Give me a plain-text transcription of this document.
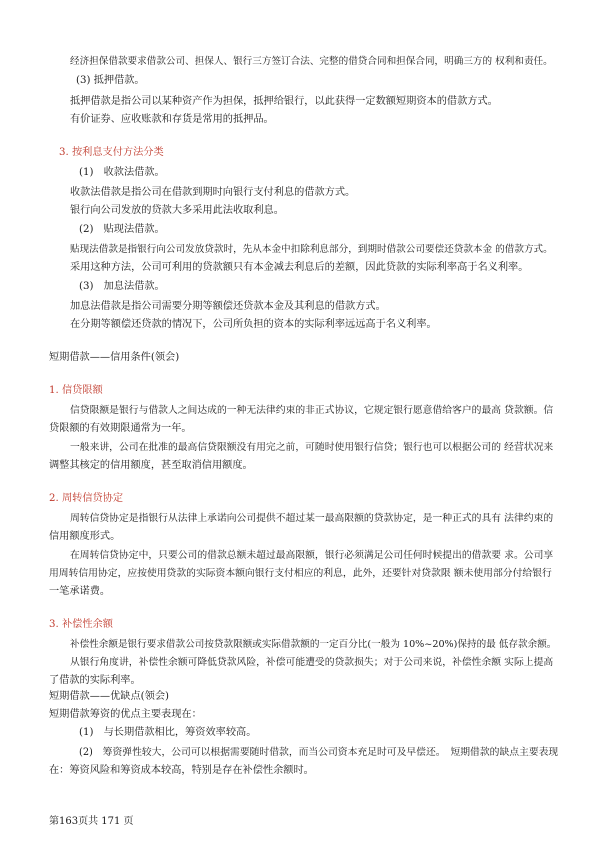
经济担保借款要求借款公司、担保人、银行三方签订合法、完整的借贷合同和担保合同，明确三方的 权利和责任。
(3) 抵押借款。
抵押借款是指公司以某种资产作为担保，抵押给银行，以此获得一定数额短期资本的借款方式。
有价证券、应收账款和存货是常用的抵押品。
3. 按利息支付方法分类
(1)　收款法借款。
收款法借款是指公司在借款到期时向银行支付利息的借款方式。
银行向公司发放的贷款大多采用此法收取利息。
(2)　贴现法借款。
贴现法借款是指银行向公司发放贷款时，先从本金中扣除利息部分，到期时借款公司要偿还贷款本金 的借款方式。
采用这种方法，公司可利用的贷款额只有本金减去利息后的差额，因此贷款的实际利率高于名义利率。
(3)　加息法借款。
加息法借款是指公司需要分期等额偿还贷款本金及其利息的借款方式。
在分期等额偿还贷款的情况下，公司所负担的资本的实际利率远远高于名义利率。
短期借款——信用条件(领会)
1. 信贷限额
信贷限额是银行与借款人之间达成的一种无法律约束的非正式协议，它规定银行愿意借给客户的最高 贷款额。信
贷限额的有效期限通常为一年。
一般来讲，公司在批准的最高信贷限额没有用完之前，可随时使用银行信贷；银行也可以根据公司的 经营状况来
调整其核定的信用额度，甚至取消信用额度。
2. 周转信贷协定
周转信贷协定是指银行从法律上承诺向公司提供不超过某一最高限额的贷款协定，是一种正式的具有 法律约束的
信用额度形式。
在周转信贷协定中，只要公司的借款总额未超过最高限额，银行必须满足公司任何时候提出的借款要 求。公司享
用周转信用协定，应按使用贷款的实际资本额向银行支付相应的利息，此外，还要针对贷款限 额未使用部分付给银行
一笔承诺费。
3. 补偿性余额
补偿性余额是银行要求借款公司按贷款限额或实际借款额的一定百分比(一般为 10%~20%)保持的最 低存款余额。
从银行角度讲，补偿性余额可降低贷款风险，补偿可能遭受的贷款损失；对于公司来说，补偿性余额 实际上提高
了借款的实际利率。
短期借款——优缺点(领会)
短期借款筹资的优点主要表现在：
(1)　与长期借款相比，筹资效率较高。
(2)　筹资弹性较大，公司可以根据需要随时借款，而当公司资本充足时可及早偿还。　短期借款的缺点主要表现
在：筹资风险和筹资成本较高，特别是存在补偿性余额时。
第163页共 171 页
